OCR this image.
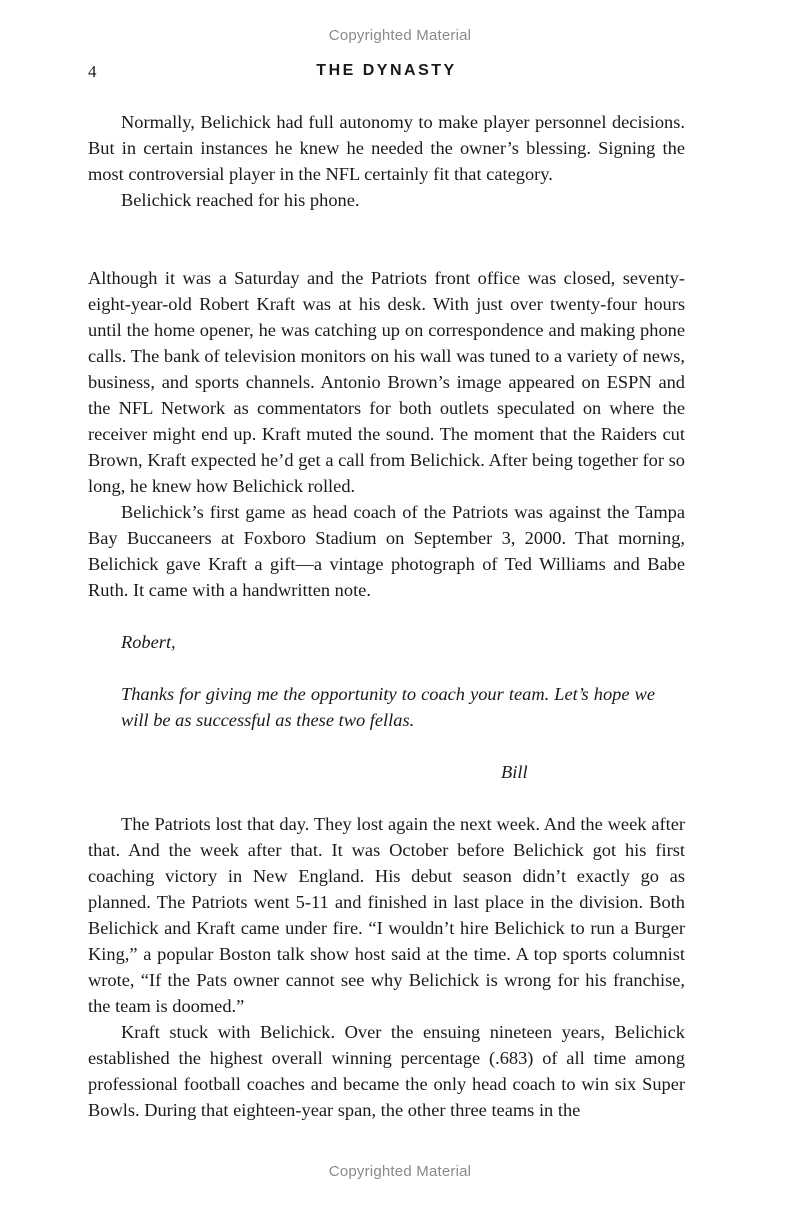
Copyrighted Material
4	THE DYNASTY

Normally, Belichick had full autonomy to make player personnel decisions. But in certain instances he knew he needed the owner’s blessing. Signing the most controversial player in the NFL certainly fit that category.

Belichick reached for his phone.

Although it was a Saturday and the Patriots front office was closed, seventy-eight-year-old Robert Kraft was at his desk. With just over twenty-four hours until the home opener, he was catching up on correspondence and making phone calls. The bank of television monitors on his wall was tuned to a variety of news, business, and sports channels. Antonio Brown’s image appeared on ESPN and the NFL Network as commentators for both outlets speculated on where the receiver might end up. Kraft muted the sound. The moment that the Raiders cut Brown, Kraft expected he’d get a call from Belichick. After being together for so long, he knew how Belichick rolled.

Belichick’s first game as head coach of the Patriots was against the Tampa Bay Buccaneers at Foxboro Stadium on September 3, 2000. That morning, Belichick gave Kraft a gift—a vintage photograph of Ted Williams and Babe Ruth. It came with a handwritten note.

Robert,

Thanks for giving me the opportunity to coach your team. Let’s hope we will be as successful as these two fellas.

Bill

The Patriots lost that day. They lost again the next week. And the week after that. And the week after that. It was October before Belichick got his first coaching victory in New England. His debut season didn’t exactly go as planned. The Patriots went 5-11 and finished in last place in the division. Both Belichick and Kraft came under fire. “I wouldn’t hire Belichick to run a Burger King,” a popular Boston talk show host said at the time. A top sports columnist wrote, “If the Pats owner cannot see why Belichick is wrong for his franchise, the team is doomed.”

Kraft stuck with Belichick. Over the ensuing nineteen years, Belichick established the highest overall winning percentage (.683) of all time among professional football coaches and became the only head coach to win six Super Bowls. During that eighteen-year span, the other three teams in the

Copyrighted Material
